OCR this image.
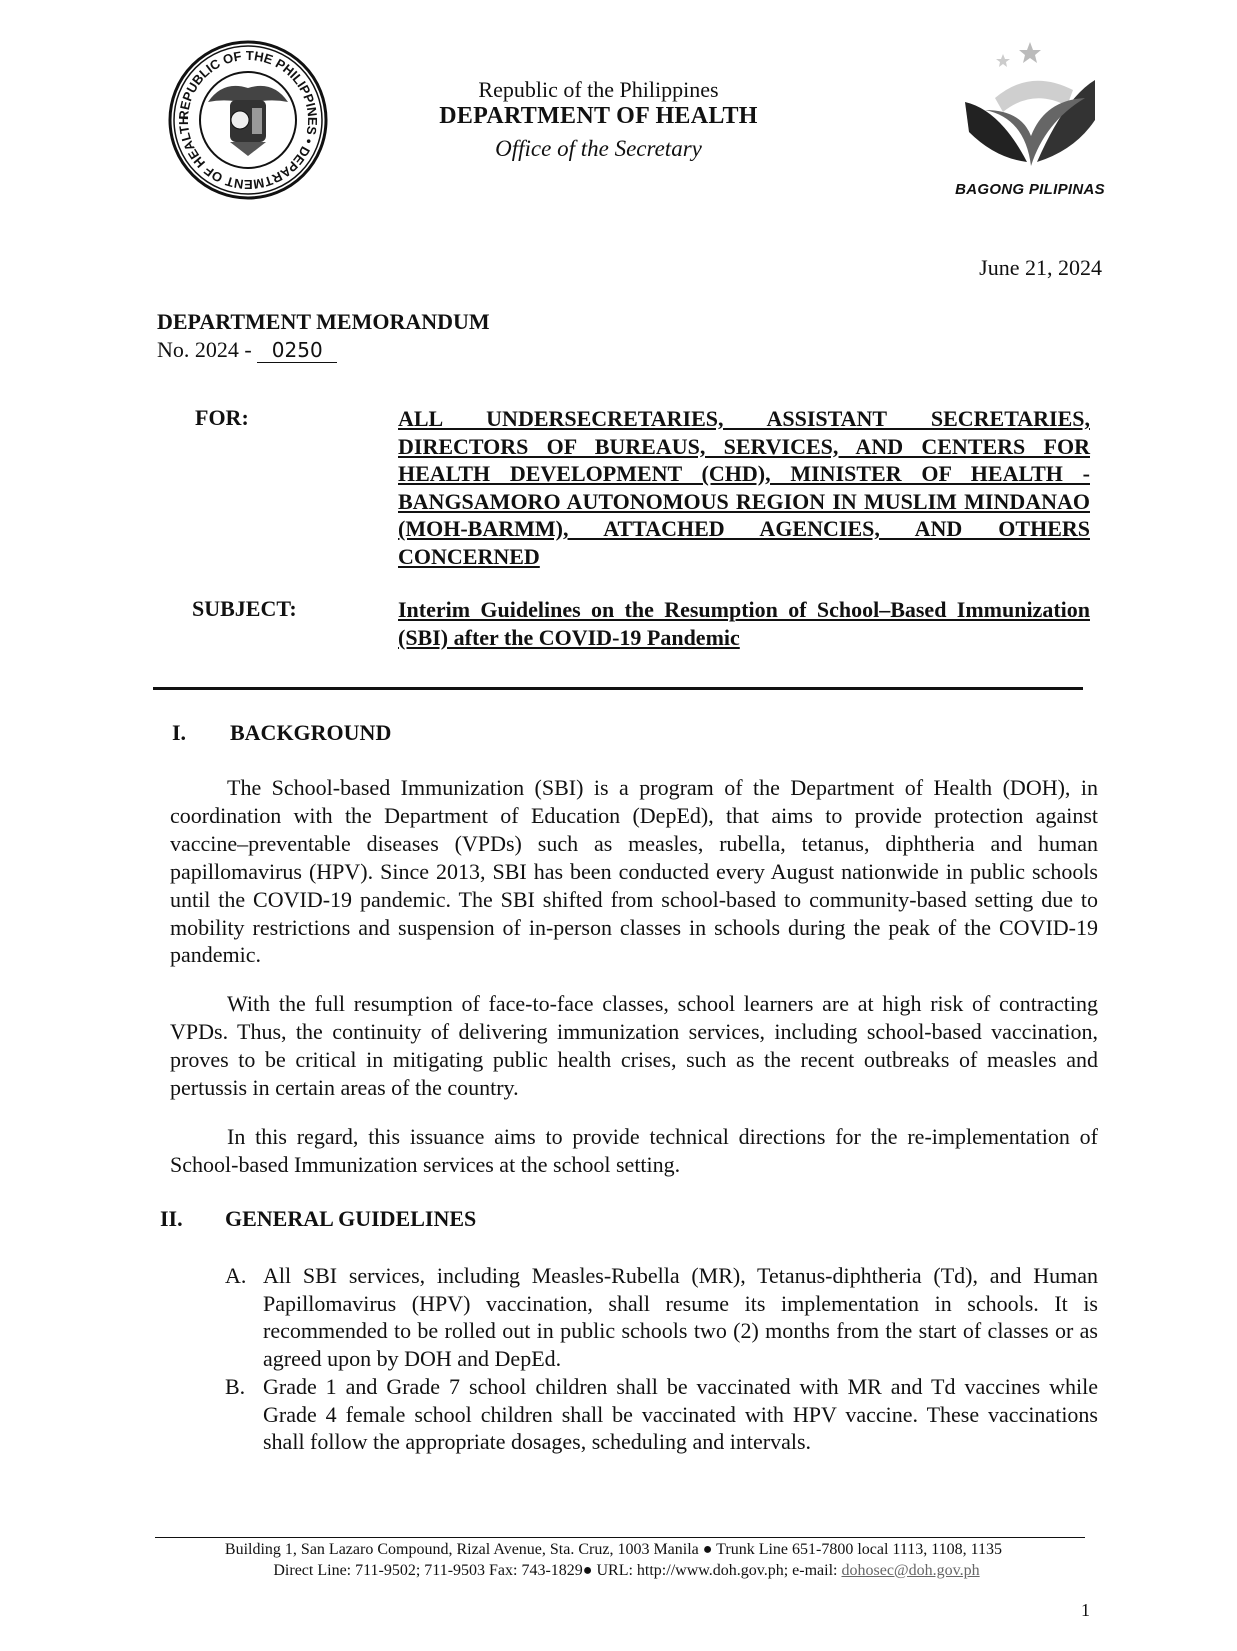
REPUBLIC OF THE PHILIPPINES • DEPARTMENT OF HEALTH
Republic of the Philippines
DEPARTMENT OF HEALTH
Office of the Secretary
BAGONG PILIPINAS
June 21, 2024
DEPARTMENT MEMORANDUM
No. 2024 - 0250
FOR:	ALL UNDERSECRETARIES, ASSISTANT SECRETARIES, DIRECTORS OF BUREAUS, SERVICES, AND CENTERS FOR HEALTH DEVELOPMENT (CHD), MINISTER OF HEALTH - BANGSAMORO AUTONOMOUS REGION IN MUSLIM MINDANAO (MOH-BARMM), ATTACHED AGENCIES, AND OTHERS CONCERNED
SUBJECT:	Interim Guidelines on the Resumption of School–Based Immunization (SBI) after the COVID-19 Pandemic
I. BACKGROUND
The School-based Immunization (SBI) is a program of the Department of Health (DOH), in coordination with the Department of Education (DepEd), that aims to provide protection against vaccine–preventable diseases (VPDs) such as measles, rubella, tetanus, diphtheria and human papillomavirus (HPV). Since 2013, SBI has been conducted every August nationwide in public schools until the COVID-19 pandemic. The SBI shifted from school-based to community-based setting due to mobility restrictions and suspension of in-person classes in schools during the peak of the COVID-19 pandemic.
With the full resumption of face-to-face classes, school learners are at high risk of contracting VPDs. Thus, the continuity of delivering immunization services, including school-based vaccination, proves to be critical in mitigating public health crises, such as the recent outbreaks of measles and pertussis in certain areas of the country.
In this regard, this issuance aims to provide technical directions for the re-implementation of School-based Immunization services at the school setting.
II. GENERAL GUIDELINES
A. All SBI services, including Measles-Rubella (MR), Tetanus-diphtheria (Td), and Human Papillomavirus (HPV) vaccination, shall resume its implementation in schools. It is recommended to be rolled out in public schools two (2) months from the start of classes or as agreed upon by DOH and DepEd.
B. Grade 1 and Grade 7 school children shall be vaccinated with MR and Td vaccines while Grade 4 female school children shall be vaccinated with HPV vaccine. These vaccinations shall follow the appropriate dosages, scheduling and intervals.
Building 1, San Lazaro Compound, Rizal Avenue, Sta. Cruz, 1003 Manila ● Trunk Line 651-7800 local 1113, 1108, 1135
Direct Line: 711-9502; 711-9503 Fax: 743-1829● URL: http://www.doh.gov.ph; e-mail: dohosec@doh.gov.ph
1
